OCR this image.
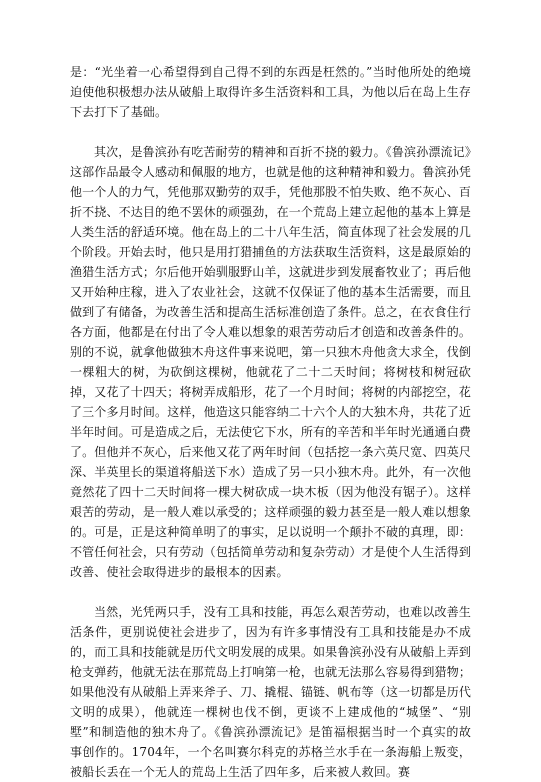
是：“光坐着一心希望得到自己得不到的东西是枉然的。”当时他所处的绝境迫使他积极想办法从破船上取得许多生活资料和工具，为他以后在岛上生存下去打下了基础。

其次，是鲁滨孙有吃苦耐劳的精神和百折不挠的毅力。《鲁滨孙漂流记》这部作品最令人感动和佩服的地方，也就是他的这种精神和毅力。鲁滨孙凭他一个人的力气，凭他那双勤劳的双手，凭他那股不怕失败、绝不灰心、百折不挠、不达目的绝不罢休的顽强劲，在一个荒岛上建立起他的基本上算是人类生活的舒适环境。他在岛上的二十八年生活，简直体现了社会发展的几个阶段。开始去时，他只是用打猎捕鱼的方法获取生活资料，这是最原始的渔猎生活方式；尔后他开始驯服野山羊，这就进步到发展畜牧业了；再后他又开始种庄稼，进入了农业社会，这就不仅保证了他的基本生活需要，而且做到了有储备，为改善生活和提高生活标准创造了条件。总之，在衣食住行各方面，他都是在付出了令人难以想象的艰苦劳动后才创造和改善条件的。别的不说，就拿他做独木舟这件事来说吧，第一只独木舟他贪大求全，伐倒一棵粗大的树，为砍倒这棵树，他就花了二十二天时间；将树枝和树冠砍掉，又花了十四天；将树弄成船形，花了一个月时间；将树的内部挖空，花了三个多月时间。这样，他造这只能容纳二十六个人的大独木舟，共花了近半年时间。可是造成之后，无法使它下水，所有的辛苦和半年时光通通白费了。但他并不灰心，后来他又花了两年时间（包括挖一条六英尺宽、四英尺深、半英里长的渠道将船送下水）造成了另一只小独木舟。此外，有一次他竟然花了四十二天时间将一棵大树砍成一块木板（因为他没有锯子）。这样艰苦的劳动，是一般人难以承受的；这样顽强的毅力甚至是一般人难以想象的。可是，正是这种简单明了的事实，足以说明一个颠扑不破的真理，即：不管任何社会，只有劳动（包括简单劳动和复杂劳动）才是使个人生活得到改善、使社会取得进步的最根本的因素。

当然，光凭两只手，没有工具和技能，再怎么艰苦劳动，也难以改善生活条件，更别说使社会进步了，因为有许多事情没有工具和技能是办不成的，而工具和技能就是历代文明发展的成果。如果鲁滨孙没有从破船上弄到枪支弹药，他就无法在那荒岛上打响第一枪，也就无法那么容易得到猎物；如果他没有从破船上弄来斧子、刀、撬棍、锚链、帆布等（这一切都是历代文明的成果），他就连一棵树也伐不倒，更谈不上建成他的“城堡”、“别墅”和制造他的独木舟了。《鲁滨孙漂流记》是笛福根据当时一个真实的故事创作的。1704年，一个名叫赛尔科克的苏格兰水手在一条海船上叛变，被船长丢在一个无人的荒岛上生活了四年多，后来被人救回。赛
